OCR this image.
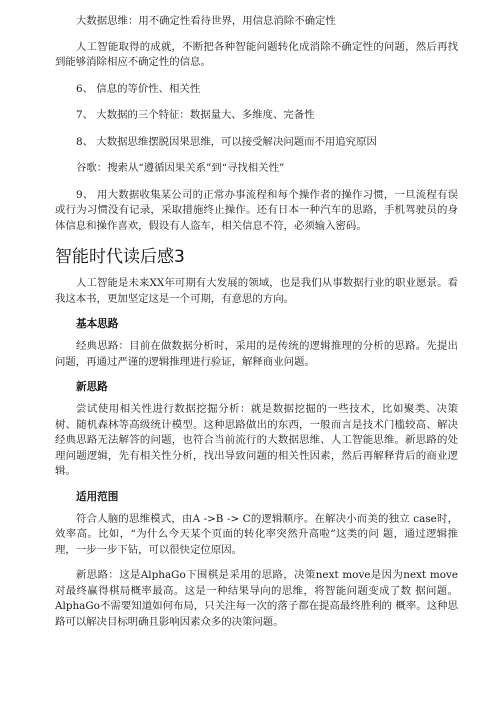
大数据思维：用不确定性看待世界，用信息消除不确定性

人工智能取得的成就，不断把各种智能问题转化成消除不确定性的问题，然后再找到能够消除相应不确定性的信息。

6、 信息的等价性、相关性

7、 大数据的三个特征：数据量大、多维度、完备性

8、 大数据思维摆脱因果思维，可以接受解决问题而不用追究原因

谷歌：搜索从“遵循因果关系”到“寻找相关性”

9、 用大数据收集某公司的正常办事流程和每个操作者的操作习惯，一旦流程有误或行为习惯没有记录，采取措施终止操作。还有日本一种汽车的思路，手机驾驶员的身体信息和操作喜欢，假设有人盗车，相关信息不符，必须输入密码。

智能时代读后感3

人工智能是未来XX年可期有大发展的领域，也是我们从事数据行业的职业愿景。看我这本书，更加坚定这是一个可期，有意思的方向。

基本思路

经典思路：目前在做数据分析时，采用的是传统的逻辑推理的分析的思路。先提出问题，再通过严谨的逻辑推理进行验证，解释商业问题。

新思路

尝试使用相关性进行数据挖掘分析：就是数据挖掘的一些技术，比如聚类、决策树、随机森林等高级统计模型。这种思路做出的东西，一般而言是技术门槛较高、解决经典思路无法解答的问题，也符合当前流行的大数据思维、人工智能思维。新思路的处理问题逻辑，先有相关性分析，找出导致问题的相关性因素，然后再解释背后的商业逻辑。

适用范围

符合人脑的思维模式，由A ->B -> C的逻辑顺序。在解决小而美的独立 case时，效率高。比如，“为什么今天某个页面的转化率突然升高啦”这类的问 题，通过逻辑推理，一步一步下钻，可以很快定位原因。

新思路：这是AlphaGo下围棋是采用的思路，决策next move是因为next move对最终赢得棋局概率最高。这是一种结果导向的思维，将智能问题变成了数 据问题。AlphaGo不需要知道如何布局，只关注每一次的落子都在提高最终胜利的 概率。这种思路可以解决目标明确且影响因素众多的决策问题。
